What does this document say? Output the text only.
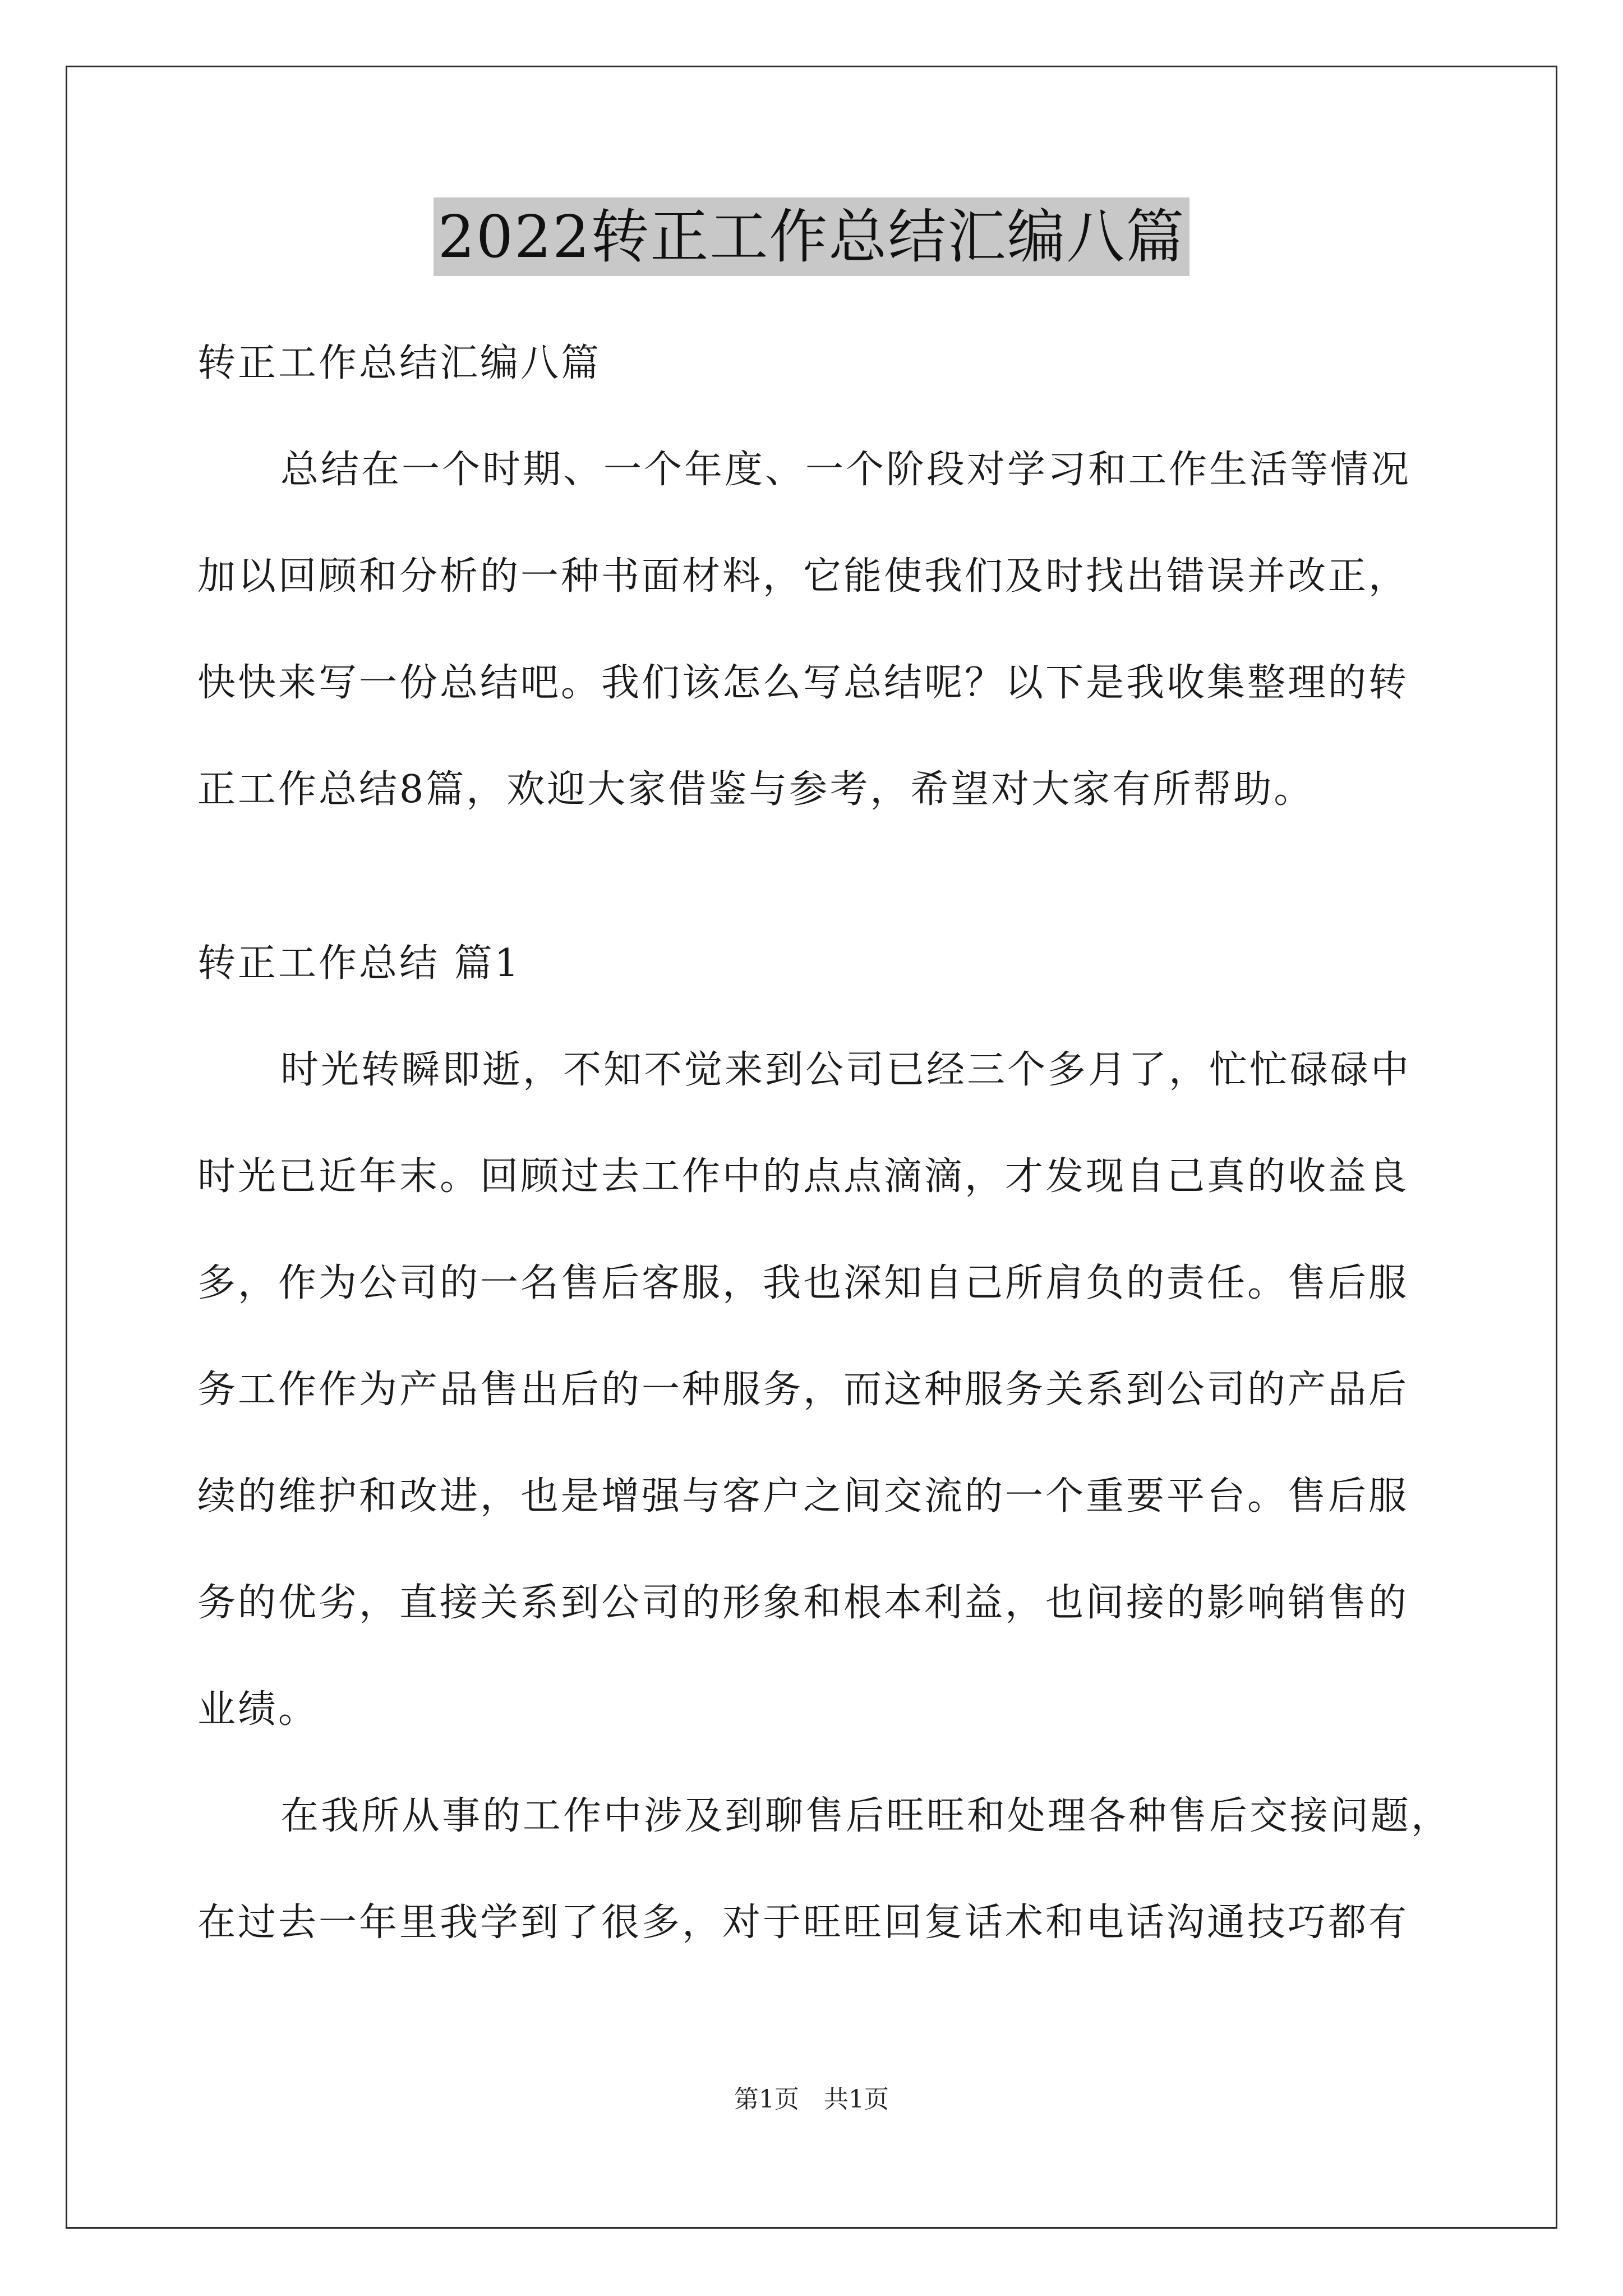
2022转正工作总结汇编八篇
转正工作总结汇编八篇
总结在一个时期、一个年度、一个阶段对学习和工作生活等情况
加以回顾和分析的一种书面材料，它能使我们及时找出错误并改正，
快快来写一份总结吧。我们该怎么写总结呢？以下是我收集整理的转
正工作总结8篇，欢迎大家借鉴与参考，希望对大家有所帮助。
转正工作总结 篇1
时光转瞬即逝，不知不觉来到公司已经三个多月了，忙忙碌碌中
时光已近年末。回顾过去工作中的点点滴滴，才发现自己真的收益良
多，作为公司的一名售后客服，我也深知自己所肩负的责任。售后服
务工作作为产品售出后的一种服务，而这种服务关系到公司的产品后
续的维护和改进，也是增强与客户之间交流的一个重要平台。售后服
务的优劣，直接关系到公司的形象和根本利益，也间接的影响销售的
业绩。
在我所从事的工作中涉及到聊售后旺旺和处理各种售后交接问题，
在过去一年里我学到了很多，对于旺旺回复话术和电话沟通技巧都有
第1页　共1页
